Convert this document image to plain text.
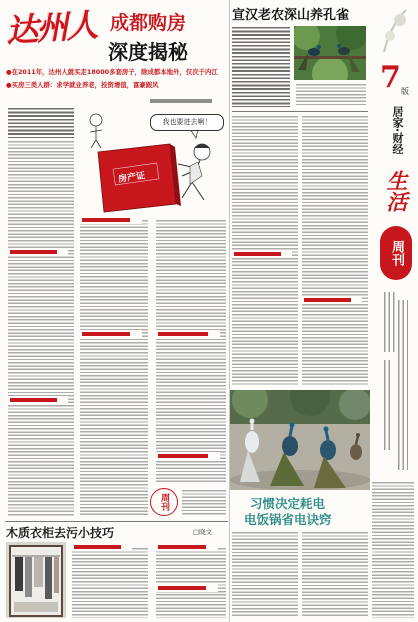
达州人 成都购房
深度揭秘
●在2011年，达州人就买走18000多套房子，除成都本地外，仅次于内江
●买房三类人群：求学就业养老，投资增值，富豪跟风
我也要进去啊！
房产证
周刊
木质衣柜去污小技巧	□晓文
宣汉老农深山养孔雀
习惯决定耗电
电饭锅省电诀窍
7 版
居家·财经
生活
周刊
